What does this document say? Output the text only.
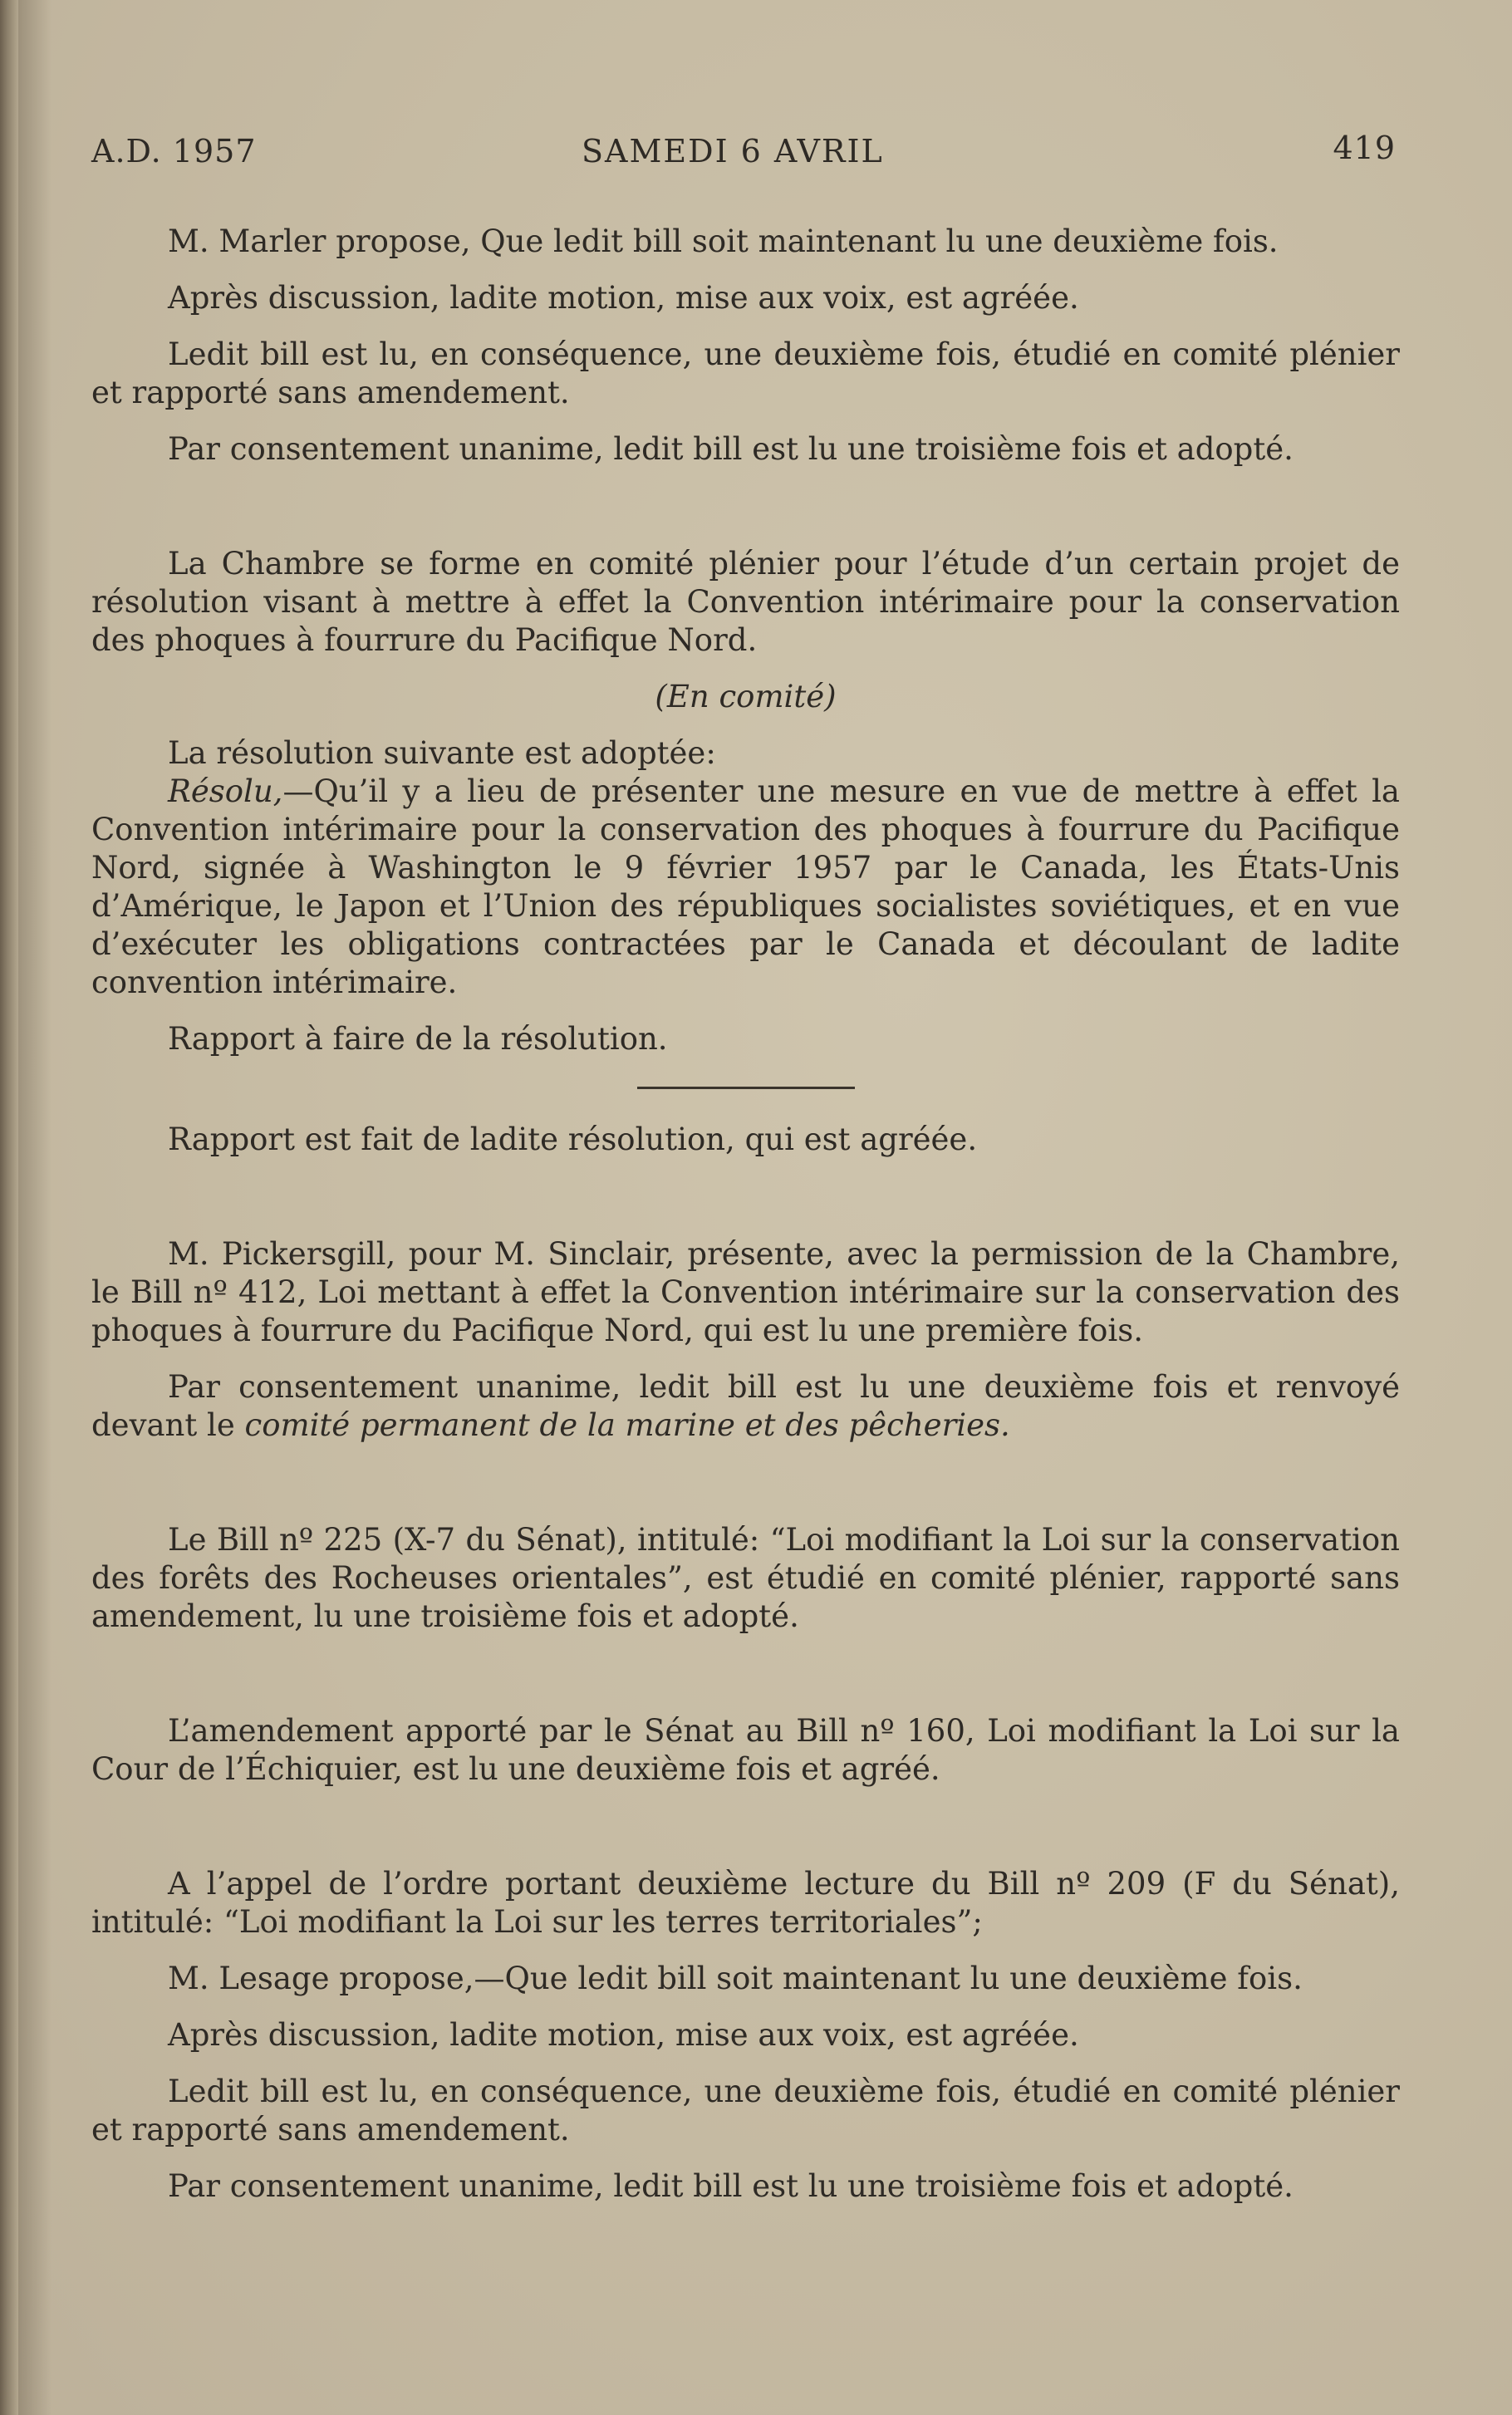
A.D. 1957	SAMEDI 6 AVRIL	419

M. Marler propose, Que ledit bill soit maintenant lu une deuxième fois.

Après discussion, ladite motion, mise aux voix, est agréée.

Ledit bill est lu, en conséquence, une deuxième fois, étudié en comité plénier et rapporté sans amendement.

Par consentement unanime, ledit bill est lu une troisième fois et adopté.

La Chambre se forme en comité plénier pour l’étude d’un certain projet de résolution visant à mettre à effet la Convention intérimaire pour la conservation des phoques à fourrure du Pacifique Nord.

(En comité)

La résolution suivante est adoptée:

Résolu,—Qu’il y a lieu de présenter une mesure en vue de mettre à effet la Convention intérimaire pour la conservation des phoques à fourrure du Pacifique Nord, signée à Washington le 9 février 1957 par le Canada, les États-Unis d’Amérique, le Japon et l’Union des républiques socialistes soviétiques, et en vue d’exécuter les obligations contractées par le Canada et découlant de ladite convention intérimaire.

Rapport à faire de la résolution.

Rapport est fait de ladite résolution, qui est agréée.

M. Pickersgill, pour M. Sinclair, présente, avec la permission de la Chambre, le Bill nº 412, Loi mettant à effet la Convention intérimaire sur la conservation des phoques à fourrure du Pacifique Nord, qui est lu une première fois.

Par consentement unanime, ledit bill est lu une deuxième fois et renvoyé devant le comité permanent de la marine et des pêcheries.

Le Bill nº 225 (X-7 du Sénat), intitulé: “Loi modifiant la Loi sur la conservation des forêts des Rocheuses orientales”, est étudié en comité plénier, rapporté sans amendement, lu une troisième fois et adopté.

L’amendement apporté par le Sénat au Bill nº 160, Loi modifiant la Loi sur la Cour de l’Échiquier, est lu une deuxième fois et agréé.

A l’appel de l’ordre portant deuxième lecture du Bill nº 209 (F du Sénat), intitulé: “Loi modifiant la Loi sur les terres territoriales”;

M. Lesage propose,—Que ledit bill soit maintenant lu une deuxième fois.

Après discussion, ladite motion, mise aux voix, est agréée.

Ledit bill est lu, en conséquence, une deuxième fois, étudié en comité plénier et rapporté sans amendement.

Par consentement unanime, ledit bill est lu une troisième fois et adopté.
